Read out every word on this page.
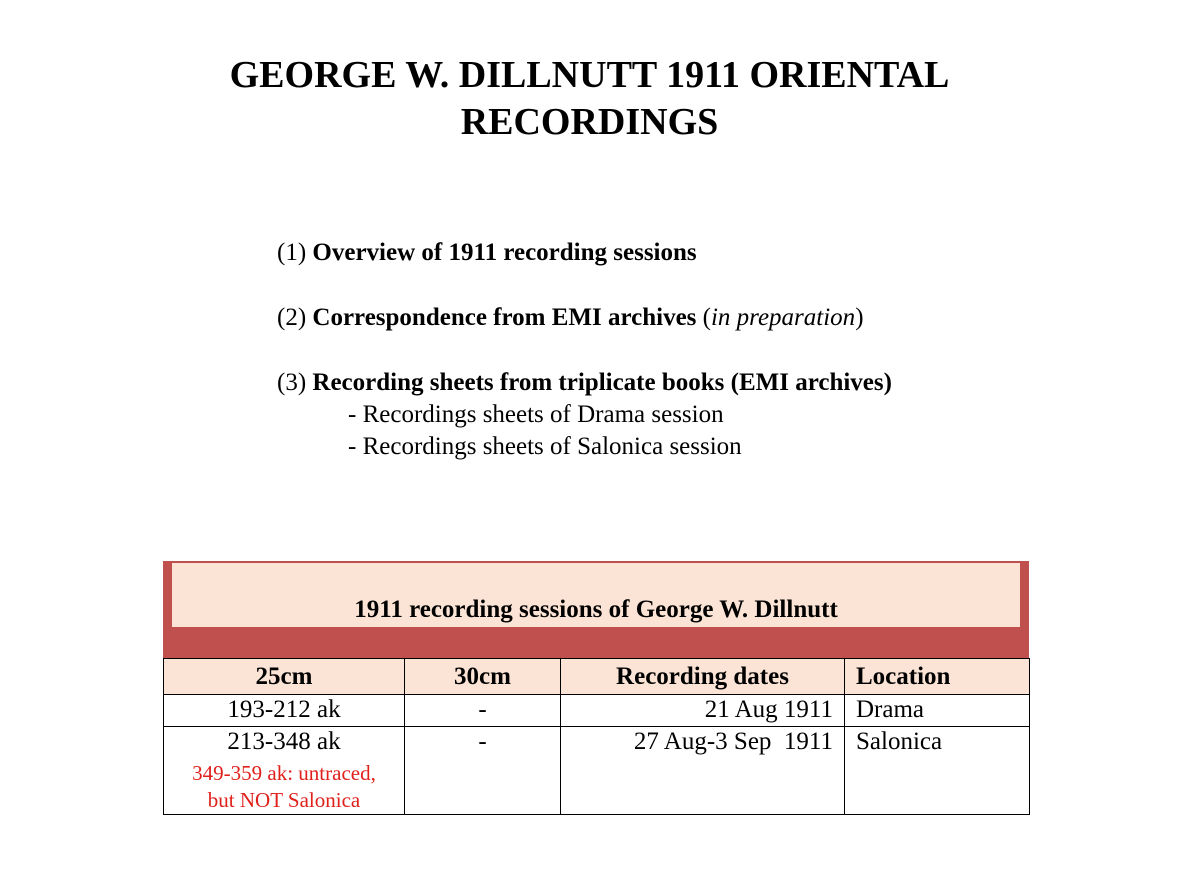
GEORGE W. DILLNUTT 1911 ORIENTAL
RECORDINGS

(1) Overview of 1911 recording sessions

(2) Correspondence from EMI archives (in preparation)

(3) Recording sheets from triplicate books (EMI archives)
- Recordings sheets of Drama session
- Recordings sheets of Salonica session
1911 recording sessions of George W. Dillnutt
25cm	30cm	Recording dates	Location
193-212 ak	-	21 Aug 1911	Drama
213-348 ak
349-359 ak: untraced,
but NOT Salonica	-	27 Aug-3 Sep  1911	Salonica
